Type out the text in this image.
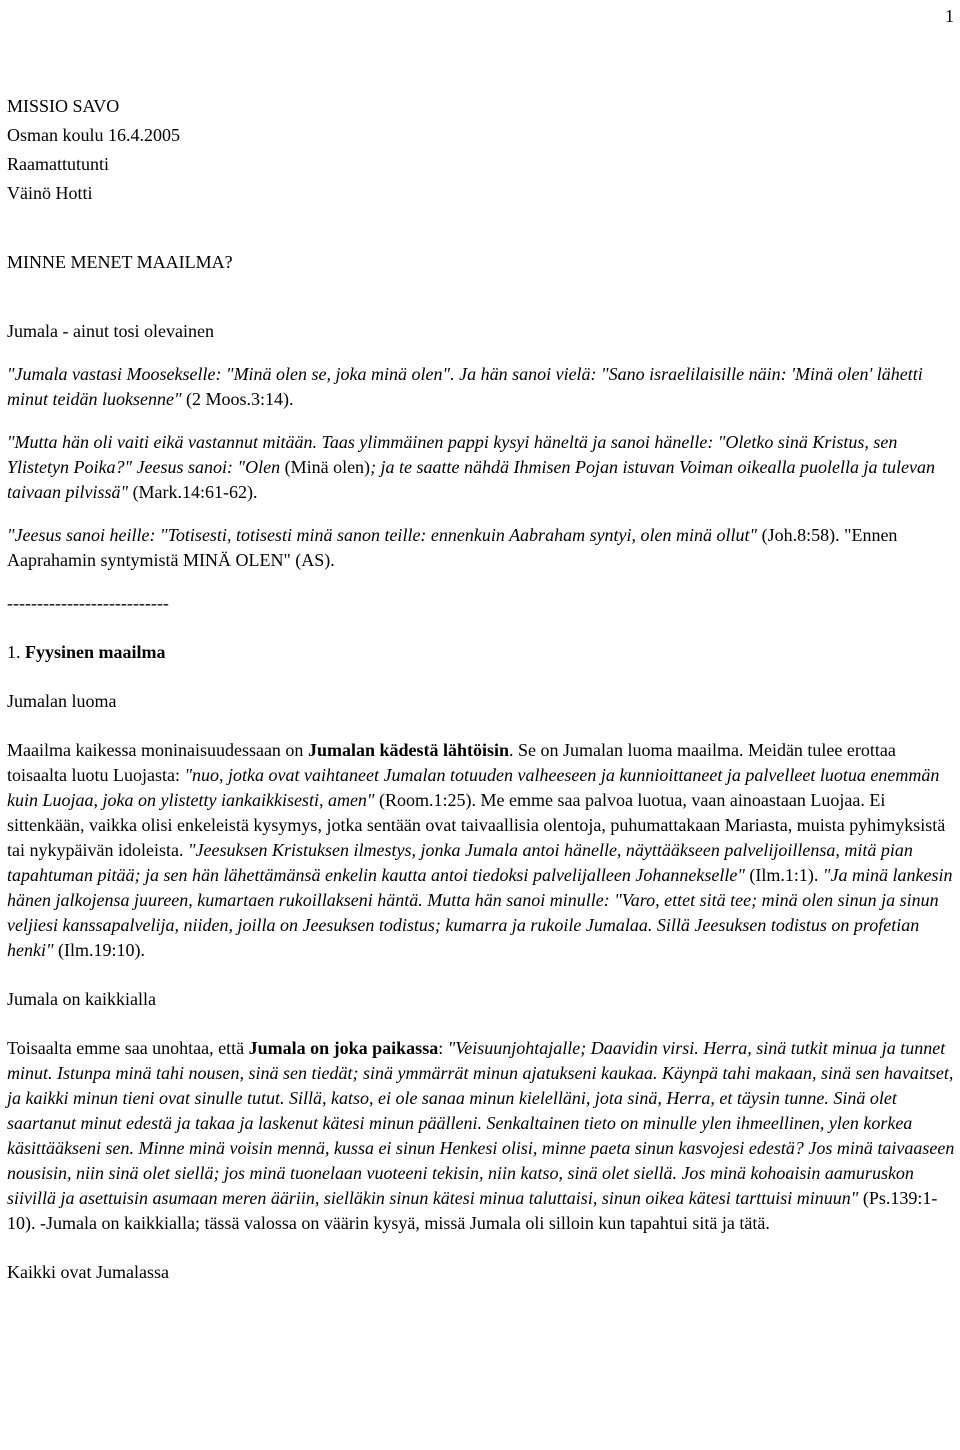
1

MISSIO SAVO

Osman koulu 16.4.2005

Raamattutunti

Väinö Hotti

MINNE MENET MAAILMA?

Jumala - ainut tosi olevainen

"Jumala vastasi Moosekselle: "Minä olen se, joka minä olen". Ja hän sanoi vielä: "Sano israelilaisille näin: 'Minä olen' lähetti minut teidän luoksenne" (2 Moos.3:14).

"Mutta hän oli vaiti eikä vastannut mitään. Taas ylimmäinen pappi kysyi häneltä ja sanoi hänelle: "Oletko sinä Kristus, sen Ylistetyn Poika?" Jeesus sanoi: "Olen (Minä olen); ja te saatte nähdä Ihmisen Pojan istuvan Voiman oikealla puolella ja tulevan taivaan pilvissä" (Mark.14:61-62).

"Jeesus sanoi heille: "Totisesti, totisesti minä sanon teille: ennenkuin Aabraham syntyi, olen minä ollut" (Joh.8:58). "Ennen Aaprahamin syntymistä MINÄ OLEN" (AS).

---------------------------

1. Fyysinen maailma

Jumalan luoma

Maailma kaikessa moninaisuudessaan on Jumalan kädestä lähtöisin. Se on Jumalan luoma maailma. Meidän tulee erottaa toisaalta luotu Luojasta: "nuo, jotka ovat vaihtaneet Jumalan totuuden valheeseen ja kunnioittaneet ja palvelleet luotua enemmän kuin Luojaa, joka on ylistetty iankaikkisesti, amen" (Room.1:25). Me emme saa palvoa luotua, vaan ainoastaan Luojaa. Ei sittenkään, vaikka olisi enkeleistä kysymys, jotka sentään ovat taivaallisia olentoja, puhumattakaan Mariasta, muista pyhimyksistä tai nykypäivän idoleista. "Jeesuksen Kristuksen ilmestys, jonka Jumala antoi hänelle, näyttääkseen palvelijoillensa, mitä pian tapahtuman pitää; ja sen hän lähettämänsä enkelin kautta antoi tiedoksi palvelijalleen Johannekselle" (Ilm.1:1). "Ja minä lankesin hänen jalkojensa juureen, kumartaen rukoillakseni häntä. Mutta hän sanoi minulle: "Varo, ettet sitä tee; minä olen sinun ja sinun veljiesi kanssapalvelija, niiden, joilla on Jeesuksen todistus; kumarra ja rukoile Jumalaa. Sillä Jeesuksen todistus on profetian henki" (Ilm.19:10).

Jumala on kaikkialla

Toisaalta emme saa unohtaa, että Jumala on joka paikassa: "Veisuunjohtajalle; Daavidin virsi. Herra, sinä tutkit minua ja tunnet minut. Istunpa minä tahi nousen, sinä sen tiedät; sinä ymmärrät minun ajatukseni kaukaa. Käynpä tahi makaan, sinä sen havaitset, ja kaikki minun tieni ovat sinulle tutut. Sillä, katso, ei ole sanaa minun kielelläni, jota sinä, Herra, et täysin tunne. Sinä olet saartanut minut edestä ja takaa ja laskenut kätesi minun päälleni. Senkaltainen tieto on minulle ylen ihmeellinen, ylen korkea käsittääkseni sen. Minne minä voisin mennä, kussa ei sinun Henkesi olisi, minne paeta sinun kasvojesi edestä? Jos minä taivaaseen nousisin, niin sinä olet siellä; jos minä tuonelaan vuoteeni tekisin, niin katso, sinä olet siellä. Jos minä kohoaisin aamuruskon siivillä ja asettuisin asumaan meren ääriin, sielläkin sinun kätesi minua taluttaisi, sinun oikea kätesi tarttuisi minuun" (Ps.139:1-10). -Jumala on kaikkialla; tässä valossa on väärin kysyä, missä Jumala oli silloin kun tapahtui sitä ja tätä.

Kaikki ovat Jumalassa
